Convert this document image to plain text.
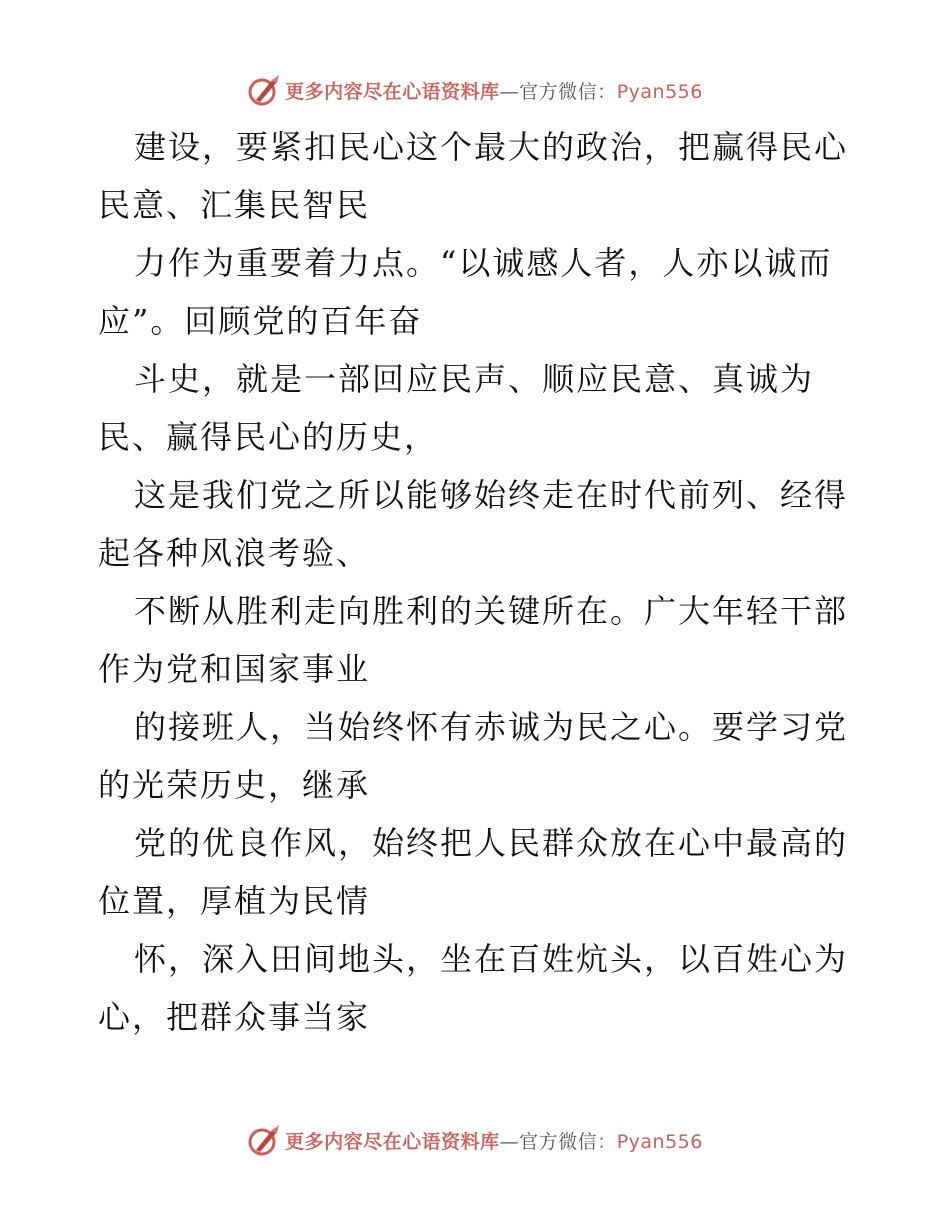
更多内容尽在心语资料库—官方微信：Pyan556
建设，要紧扣民心这个最大的政治，把赢得民心
民意、汇集民智民
力作为重要着力点。“以诚感人者，人亦以诚而
应”。回顾党的百年奋
斗史，就是一部回应民声、顺应民意、真诚为
民、赢得民心的历史，
这是我们党之所以能够始终走在时代前列、经得
起各种风浪考验、
不断从胜利走向胜利的关键所在。广大年轻干部
作为党和国家事业
的接班人，当始终怀有赤诚为民之心。要学习党
的光荣历史，继承
党的优良作风，始终把人民群众放在心中最高的
位置，厚植为民情
怀，深入田间地头，坐在百姓炕头，以百姓心为
心，把群众事当家
更多内容尽在心语资料库—官方微信：Pyan556
